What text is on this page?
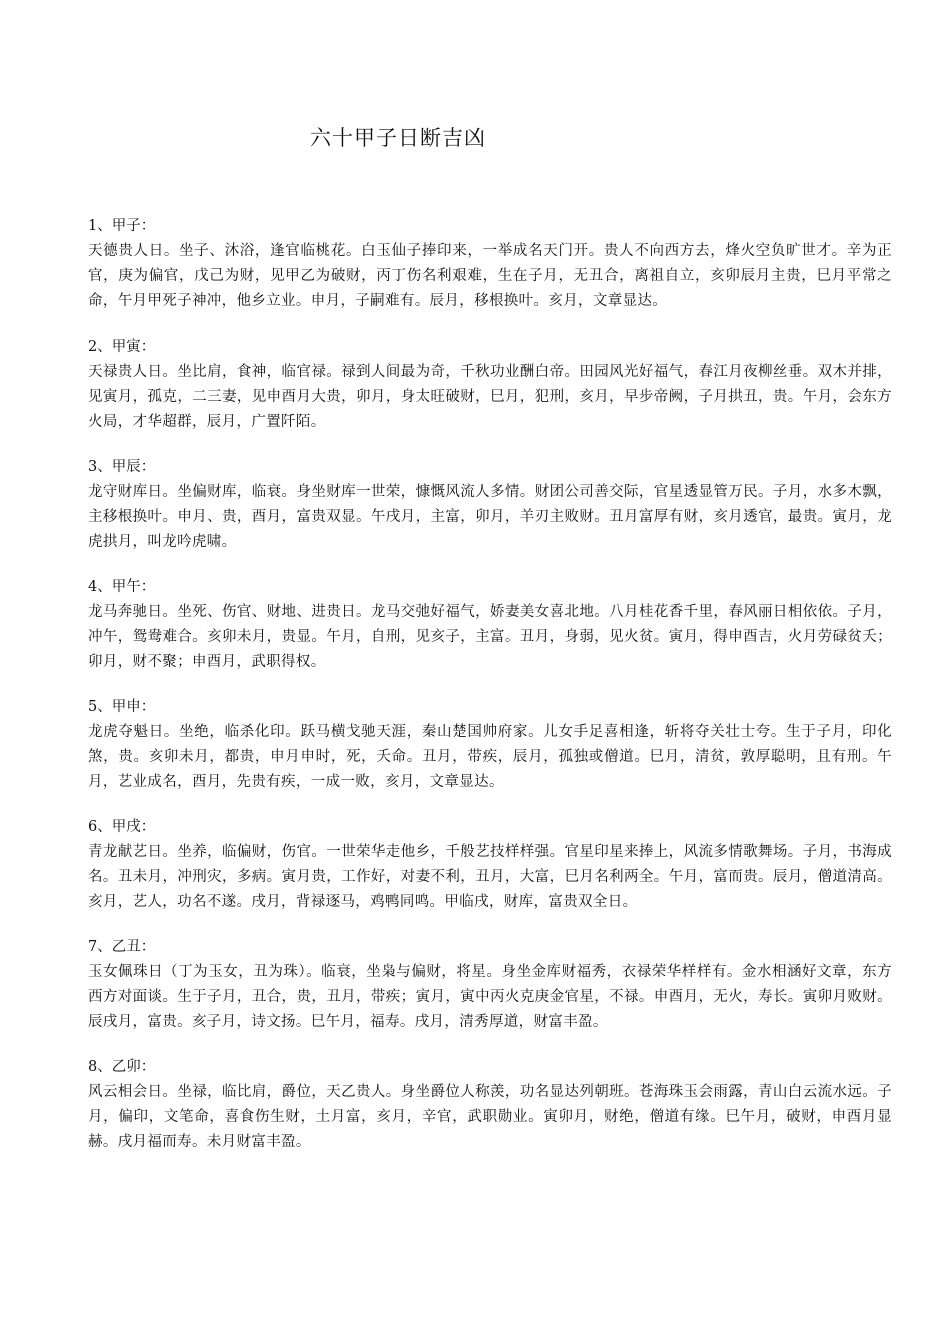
六十甲子日断吉凶

1、甲子：

天德贵人日。坐子、沐浴，逢官临桃花。白玉仙子捧印来，一举成名天门开。贵人不向西方去，烽火空负旷世才。辛为正官，庚为偏官，戊己为财，见甲乙为破财，丙丁伤名利艰难，生在子月，无丑合，离祖自立，亥卯辰月主贵，巳月平常之命，午月甲死子神冲，他乡立业。申月，子嗣难有。辰月，移根换叶。亥月，文章显达。

2、甲寅：

天禄贵人日。坐比肩，食神，临官禄。禄到人间最为奇，千秋功业酬白帝。田园风光好福气，春江月夜柳丝垂。双木并排，见寅月，孤克，二三妻，见申酉月大贵，卯月，身太旺破财，巳月，犯刑，亥月，早步帝阙，子月拱丑，贵。午月，会东方火局，才华超群，辰月，广置阡陌。

3、甲辰：

龙守财库日。坐偏财库，临衰。身坐财库一世荣，慷慨风流人多情。财团公司善交际，官星透显管万民。子月，水多木飘，主移根换叶。申月、贵，酉月，富贵双显。午戌月，主富，卯月，羊刃主败财。丑月富厚有财，亥月透官，最贵。寅月，龙虎拱月，叫龙吟虎啸。

4、甲午：

龙马奔驰日。坐死、伤官、财地、进贵日。龙马交弛好福气，娇妻美女喜北地。八月桂花香千里，春风丽日相依依。子月，冲午，鸳鸯难合。亥卯未月，贵显。午月，自刑，见亥子，主富。丑月，身弱，见火贫。寅月，得申酉吉，火月劳碌贫夭；卯月，财不聚；申酉月，武职得权。

5、甲申：

龙虎夺魁日。坐绝，临杀化印。跃马横戈驰天涯，秦山楚国帅府家。儿女手足喜相逢，斩将夺关壮士夸。生于子月，印化煞，贵。亥卯未月，都贵，申月申时，死，夭命。丑月，带疾，辰月，孤独或僧道。巳月，清贫，敦厚聪明，且有刑。午月，艺业成名，酉月，先贵有疾，一成一败，亥月，文章显达。

6、甲戌：

青龙献艺日。坐养，临偏财，伤官。一世荣华走他乡，千般艺技样样强。官星印星来捧上，风流多情歌舞场。子月，书海成名。丑未月，冲刑灾，多病。寅月贵，工作好，对妻不利，丑月，大富，巳月名利两全。午月，富而贵。辰月，僧道清高。亥月，艺人，功名不遂。戌月，背禄逐马，鸡鸭同鸣。甲临戌，财库，富贵双全日。

7、乙丑：

玉女佩珠日（丁为玉女，丑为珠）。临衰，坐枭与偏财，将星。身坐金库财福秀，衣禄荣华样样有。金水相涵好文章，东方西方对面谈。生于子月，丑合，贵，丑月，带疾；寅月，寅中丙火克庚金官星，不禄。申酉月，无火，寿长。寅卯月败财。辰戌月，富贵。亥子月，诗文扬。巳午月，福寿。戌月，清秀厚道，财富丰盈。

8、乙卯：

风云相会日。坐禄，临比肩，爵位，天乙贵人。身坐爵位人称羡，功名显达列朝班。苍海珠玉会雨露，青山白云流水远。子月，偏印，文笔命，喜食伤生财，土月富，亥月，辛官，武职勋业。寅卯月，财绝，僧道有缘。巳午月，破财，申酉月显赫。戌月福而寿。未月财富丰盈。
